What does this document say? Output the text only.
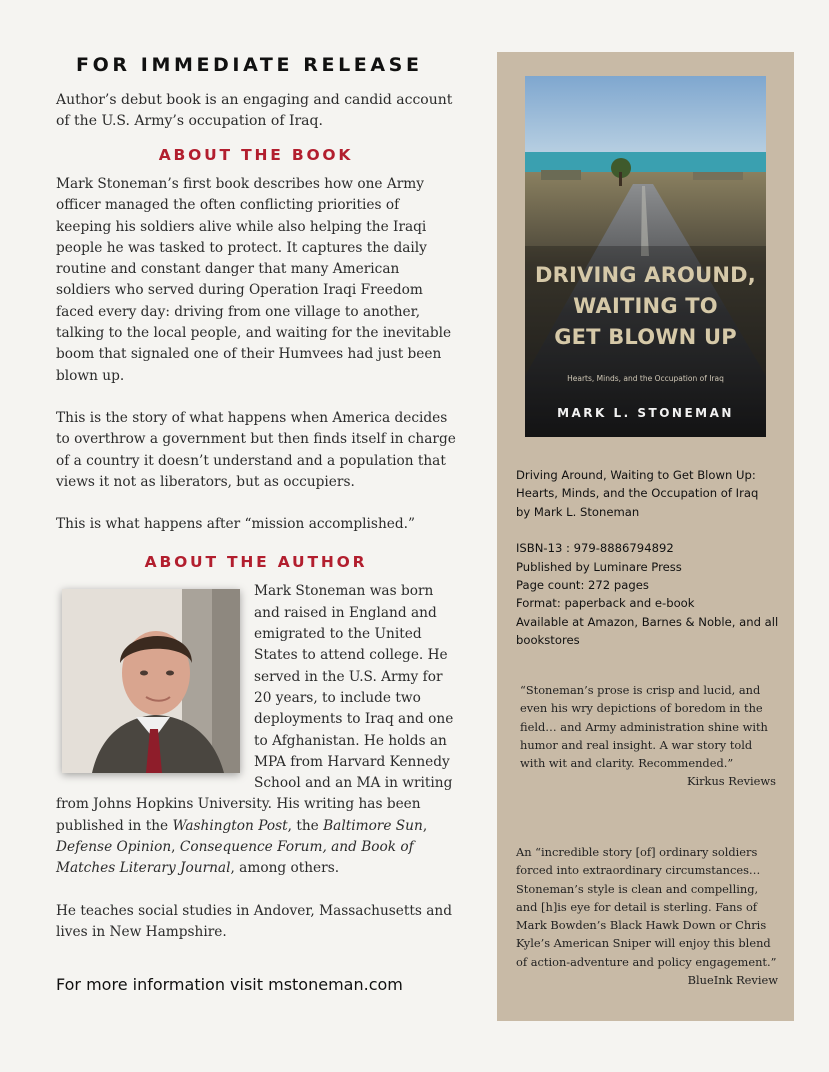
FOR IMMEDIATE RELEASE

Author’s debut book is an engaging and candid account of the U.S. Army’s occupation of Iraq.

ABOUT THE BOOK

Mark Stoneman’s first book describes how one Army officer managed the often conflicting priorities of keeping his soldiers alive while also helping the Iraqi people he was tasked to protect. It captures the daily routine and constant danger that many American soldiers who served during Operation Iraqi Freedom faced every day: driving from one village to another, talking to the local people, and waiting for the inevitable boom that signaled one of their Humvees had just been blown up.

This is the story of what happens when America decides to overthrow a government but then finds itself in charge of a country it doesn’t understand and a population that views it not as liberators, but as occupiers.

This is what happens after “mission accomplished.”

ABOUT THE AUTHOR

Mark Stoneman was born and raised in England and emigrated to the United States to attend college. He served in the U.S. Army for 20 years, to include two deployments to Iraq and one to Afghanistan. He holds an MPA from Harvard Kennedy School and an MA in writing from Johns Hopkins University. His writing has been published in the Washington Post, the Baltimore Sun, Defense Opinion, Consequence Forum, and Book of Matches Literary Journal, among others.

He teaches social studies in Andover, Massachusetts and lives in New Hampshire.

For more information visit mstoneman.com
DRIVING AROUND,
WAITING TO
GET BLOWN UP
Hearts, Minds, and the Occupation of Iraq
MARK L. STONEMAN

Driving Around, Waiting to Get Blown Up:

Hearts, Minds, and the Occupation of Iraq

by Mark L. Stoneman

ISBN-13 : 979-8886794892

Published by Luminare Press

Page count: 272 pages

Format: paperback and e-book

Available at Amazon, Barnes & Noble, and all bookstores

“Stoneman’s prose is crisp and lucid, and even his wry depictions of boredom in the field… and Army administration shine with humor and real insight. A war story told with wit and clarity. Recommended.”

Kirkus Reviews

An “incredible story [of] ordinary soldiers forced into extraordinary circumstances… Stoneman’s style is clean and compelling, and [h]is eye for detail is sterling. Fans of Mark Bowden’s Black Hawk Down or Chris Kyle’s American Sniper will enjoy this blend of action-adventure and policy engagement.”

BlueInk Review
